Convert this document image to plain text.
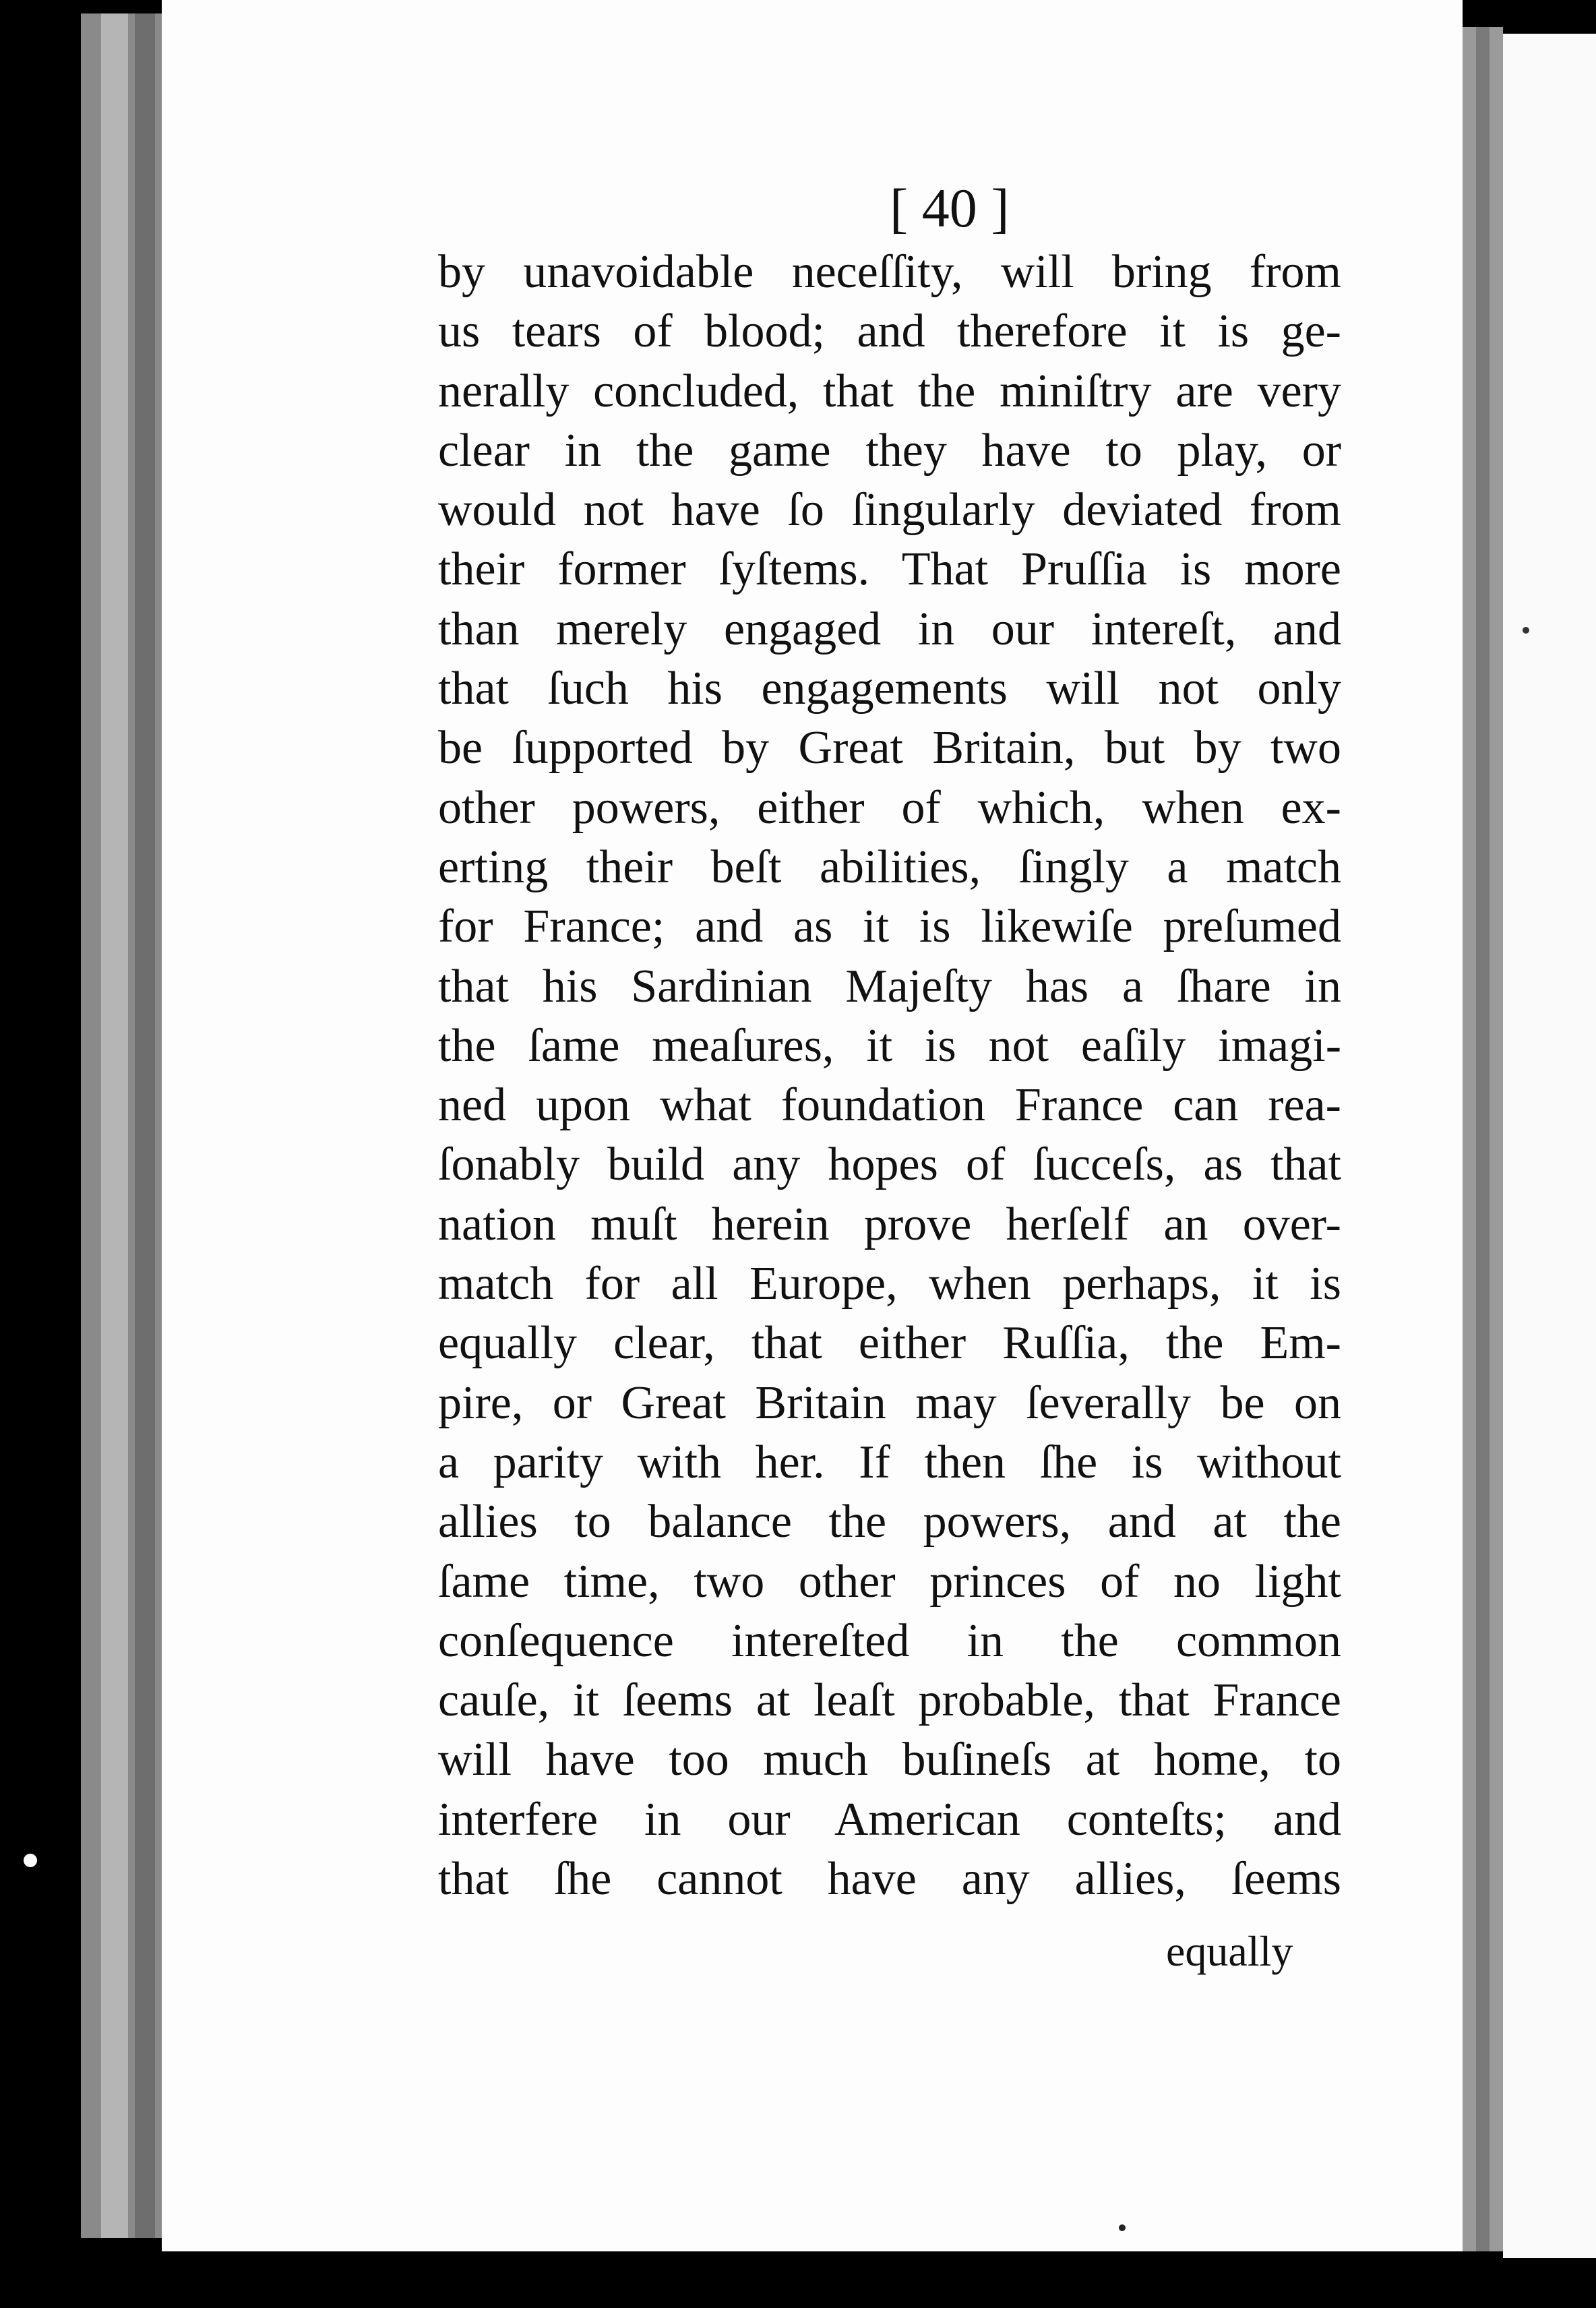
[ 40 ]
by unavoidable neceſſity, will bring from
us tears of blood; and therefore it is ge-
nerally concluded, that the miniſtry are very
clear in the game they have to play, or
would not have ſo ſingularly deviated from
their former ſyſtems. That Pruſſia is more
than merely engaged in our intereſt, and
that ſuch his engagements will not only
be ſupported by Great Britain, but by two
other powers, either of which, when ex-
erting their beſt abilities, ſingly a match
for France; and as it is likewiſe preſumed
that his Sardinian Majeſty has a ſhare in
the ſame meaſures, it is not eaſily imagi-
ned upon what foundation France can rea-
ſonably build any hopes of ſucceſs, as that
nation muſt herein prove herſelf an over-
match for all Europe, when perhaps, it is
equally clear, that either Ruſſia, the Em-
pire, or Great Britain may ſeverally be on
a parity with her. If then ſhe is without
allies to balance the powers, and at the
ſame time, two other princes of no light
conſequence intereſted in the common
cauſe, it ſeems at leaſt probable, that France
will have too much buſineſs at home, to
interfere in our American conteſts; and
that ſhe cannot have any allies, ſeems
equally
